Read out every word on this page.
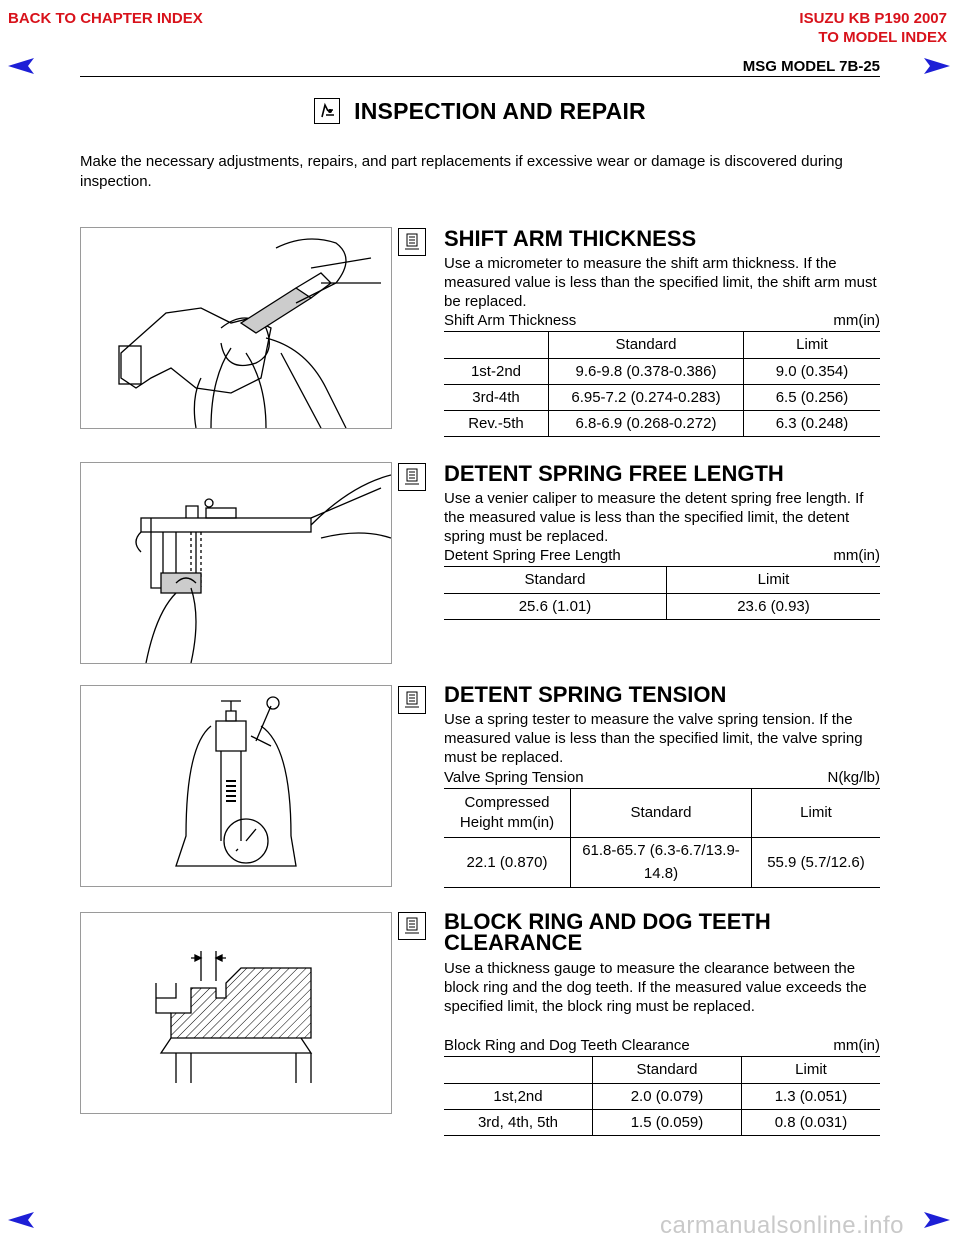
BACK TO CHAPTER INDEX	ISUZU KB P190 2007
TO MODEL INDEX
MSG MODEL 7B-25
INSPECTION AND REPAIR
Make the necessary adjustments, repairs, and part replacements if excessive wear or damage is discovered during inspection.
SHIFT ARM THICKNESS
Use a micrometer to measure the shift arm thickness. If the measured value is less than the specified limit, the shift arm must be replaced.
Shift Arm Thickness	mm(in)
	Standard	Limit
1st-2nd	9.6-9.8 (0.378-0.386)	9.0 (0.354)
3rd-4th	6.95-7.2 (0.274-0.283)	6.5 (0.256)
Rev.-5th	6.8-6.9 (0.268-0.272)	6.3 (0.248)
DETENT SPRING FREE LENGTH
Use a venier caliper to measure the detent spring free length. If the measured value is less than the specified limit, the detent spring must be replaced.
Detent Spring Free Length	mm(in)
Standard	Limit
25.6 (1.01)	23.6 (0.93)
DETENT SPRING TENSION
Use a spring tester to measure the valve spring tension. If the measured value is less than the specified limit, the valve spring must be replaced.
Valve Spring Tension	N(kg/lb)
Compressed Height mm(in)	Standard	Limit
22.1 (0.870)	61.8-65.7 (6.3-6.7/13.9-14.8)	55.9 (5.7/12.6)
BLOCK RING AND DOG TEETH CLEARANCE
Use a thickness gauge to measure the clearance between the block ring and the dog teeth. If the measured value exceeds the specified limit, the block ring must be replaced.
Block Ring and Dog Teeth Clearance	mm(in)
	Standard	Limit
1st,2nd	2.0 (0.079)	1.3 (0.051)
3rd, 4th, 5th	1.5 (0.059)	0.8 (0.031)
carmanualsonline.info
